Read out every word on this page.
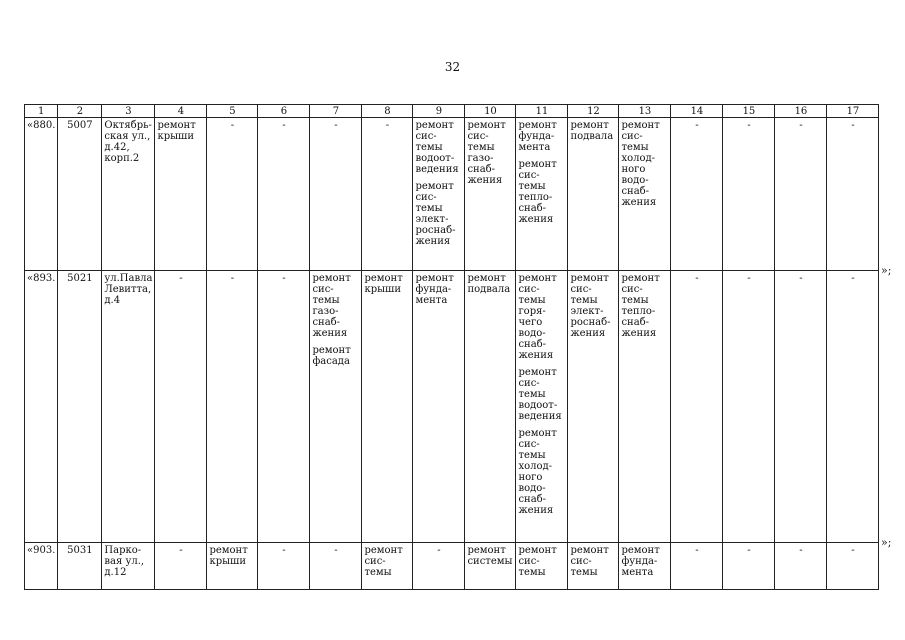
32
1	2	3	4	5	6	7	8	9	10	11	12	13	14	15	16	17

«880.	5007	Октябрь-ская ул., д.42, корп.2	ремонт крыши	-	-	-	-	ремонт сис-темы водоот-ведения
ремонт сис-темы элект-роснаб-жения	ремонт сис-темы газо-снаб-жения	ремонт фунда-мента
ремонт сис-темы тепло-снаб-жения	ремонт подвала	ремонт сис-темы холод-ного водо-снаб-жения	-	-	-	-

«893.	5021	ул.Павла Левитта, д.4	-	-	-	ремонт сис-темы газо-снаб-жения
ремонт фасада	ремонт крыши	ремонт фунда-мента	ремонт подвала	ремонт сис-темы горя-чего водо-снаб-жения
ремонт сис-темы водоот-ведения
ремонт сис-темы холод-ного водо-снаб-жения	ремонт сис-темы элект-роснаб-жения	ремонт сис-темы тепло-снаб-жения	-	-	-	-

«903.	5031	Парко-вая ул., д.12	-	ремонт крыши	-	-	ремонт сис-темы	-	ремонт системы	ремонт сис-темы	ремонт сис-темы	ремонт фунда-мента	-	-	-	-
»;
»;
